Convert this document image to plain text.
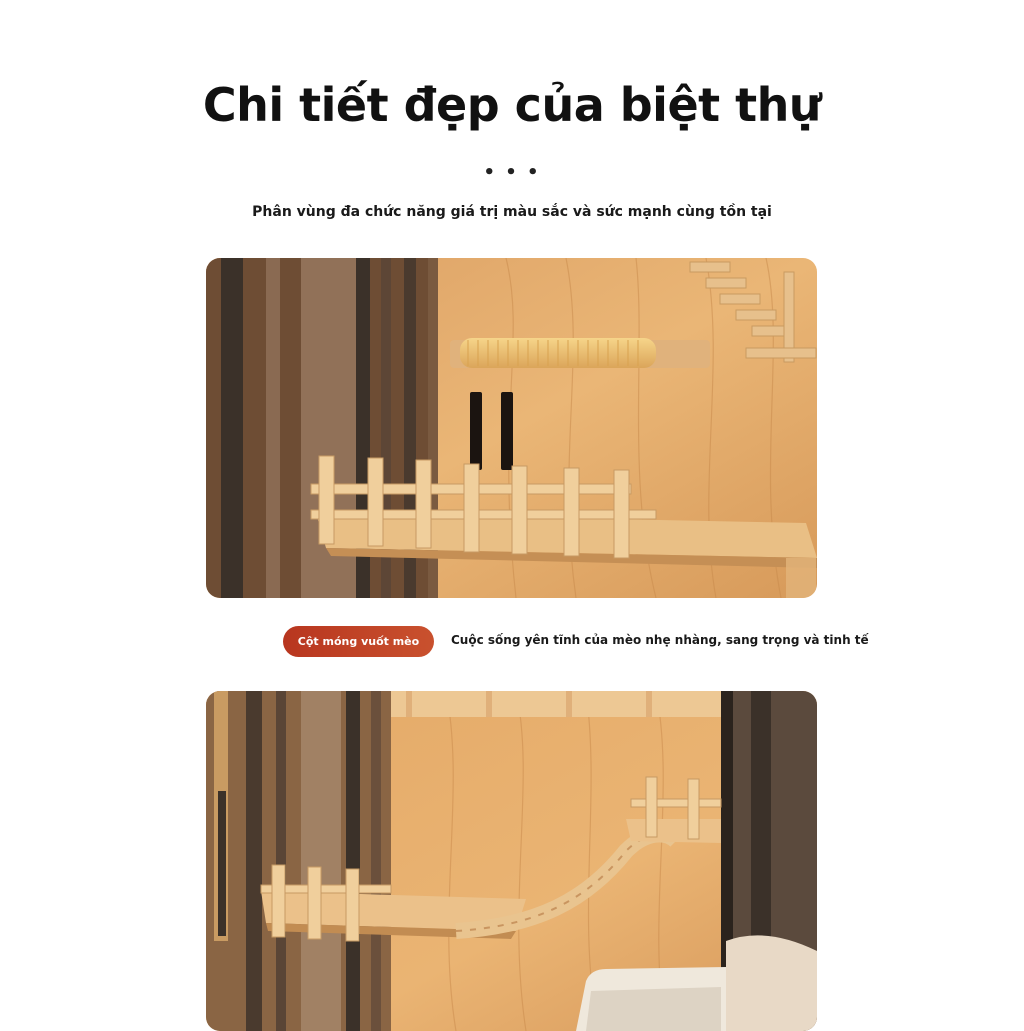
Chi tiết đẹp của biệt thự
• • •
Phân vùng đa chức năng giá trị màu sắc và sức mạnh cùng tồn tại
Cột móng vuốt mèo	Cuộc sống yên tĩnh của mèo nhẹ nhàng, sang trọng và tinh tế
